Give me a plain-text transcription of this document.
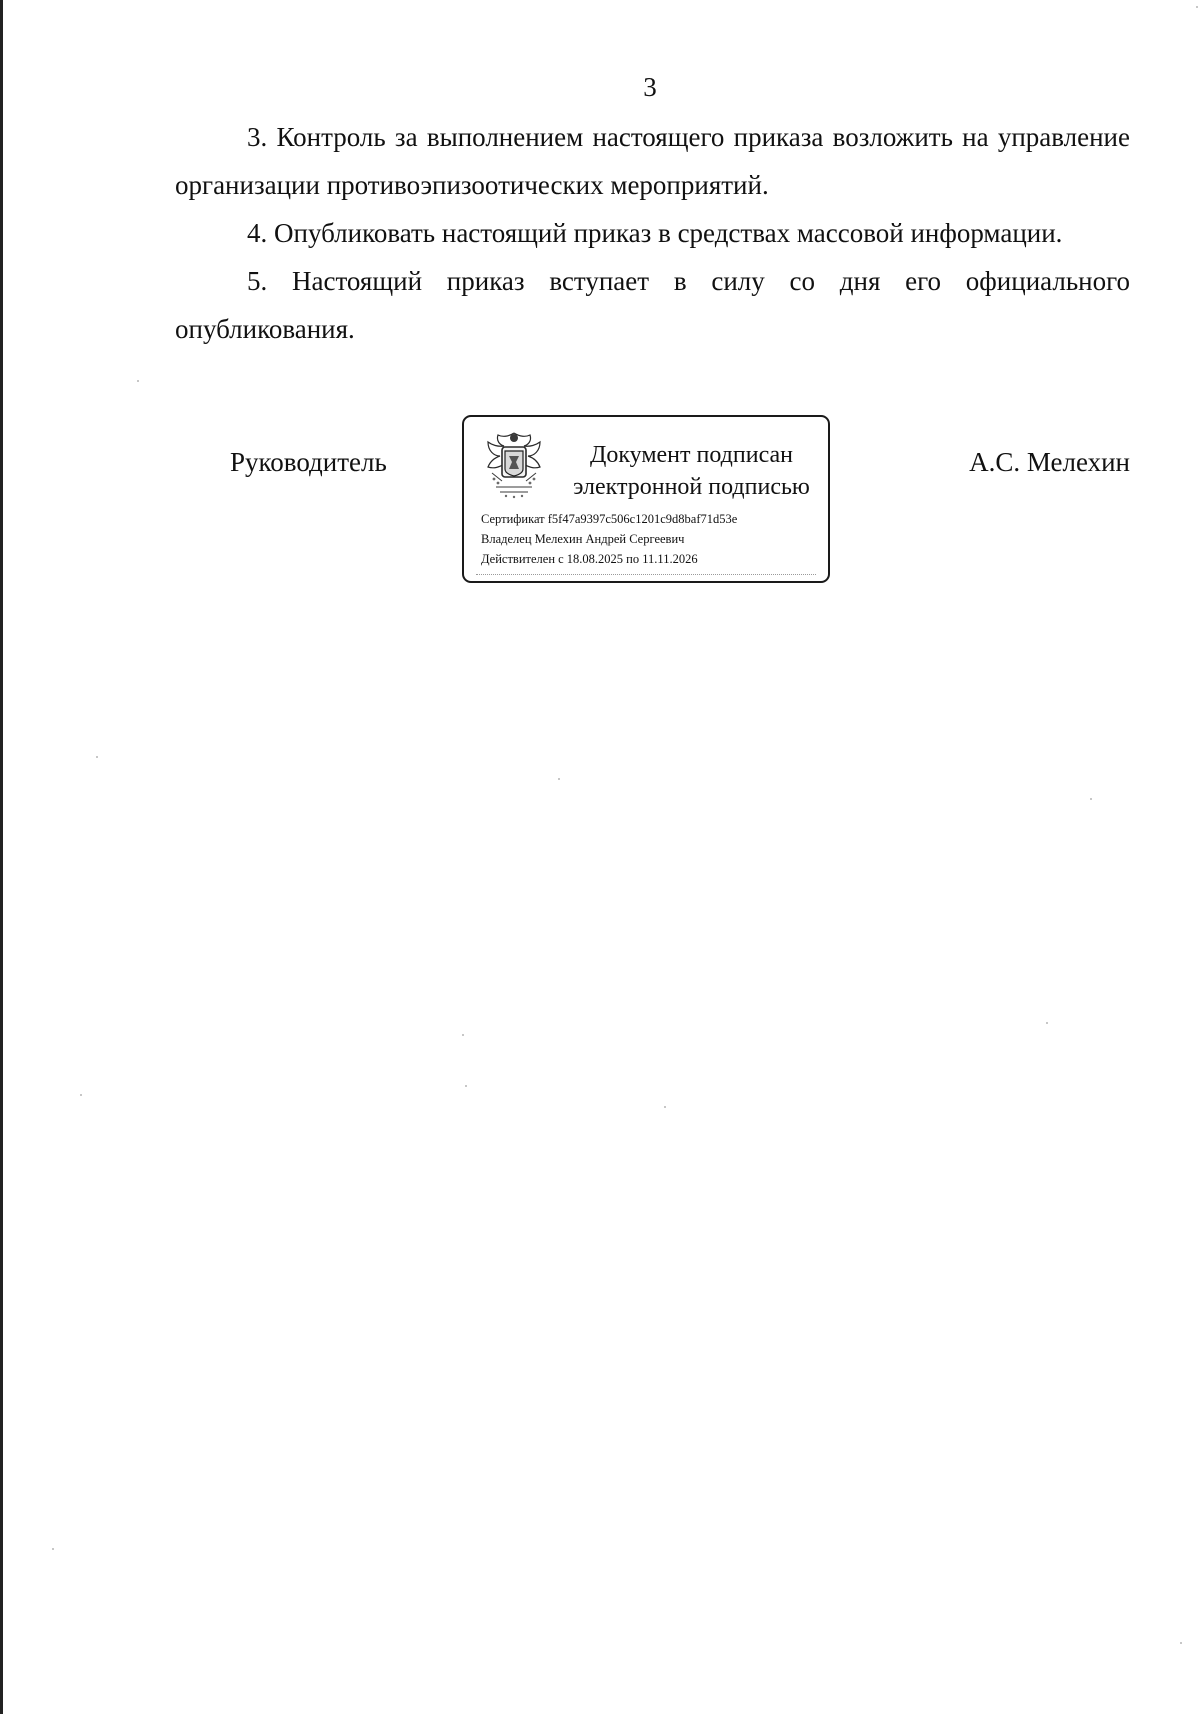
3

3. Контроль за выполнением настоящего приказа возложить на управление организации противоэпизоотических мероприятий.

4. Опубликовать настоящий приказ в средствах массовой информации.

5. Настоящий приказ вступает в силу со дня его официального опубликования.

Руководитель	Документ подписан
электронной подписью
Сертификат f5f47a9397c506c1201c9d8baf71d53e
Владелец Мелехин Андрей Сергеевич
Действителен с 18.08.2025 по 11.11.2026
А.С. Мелехин
